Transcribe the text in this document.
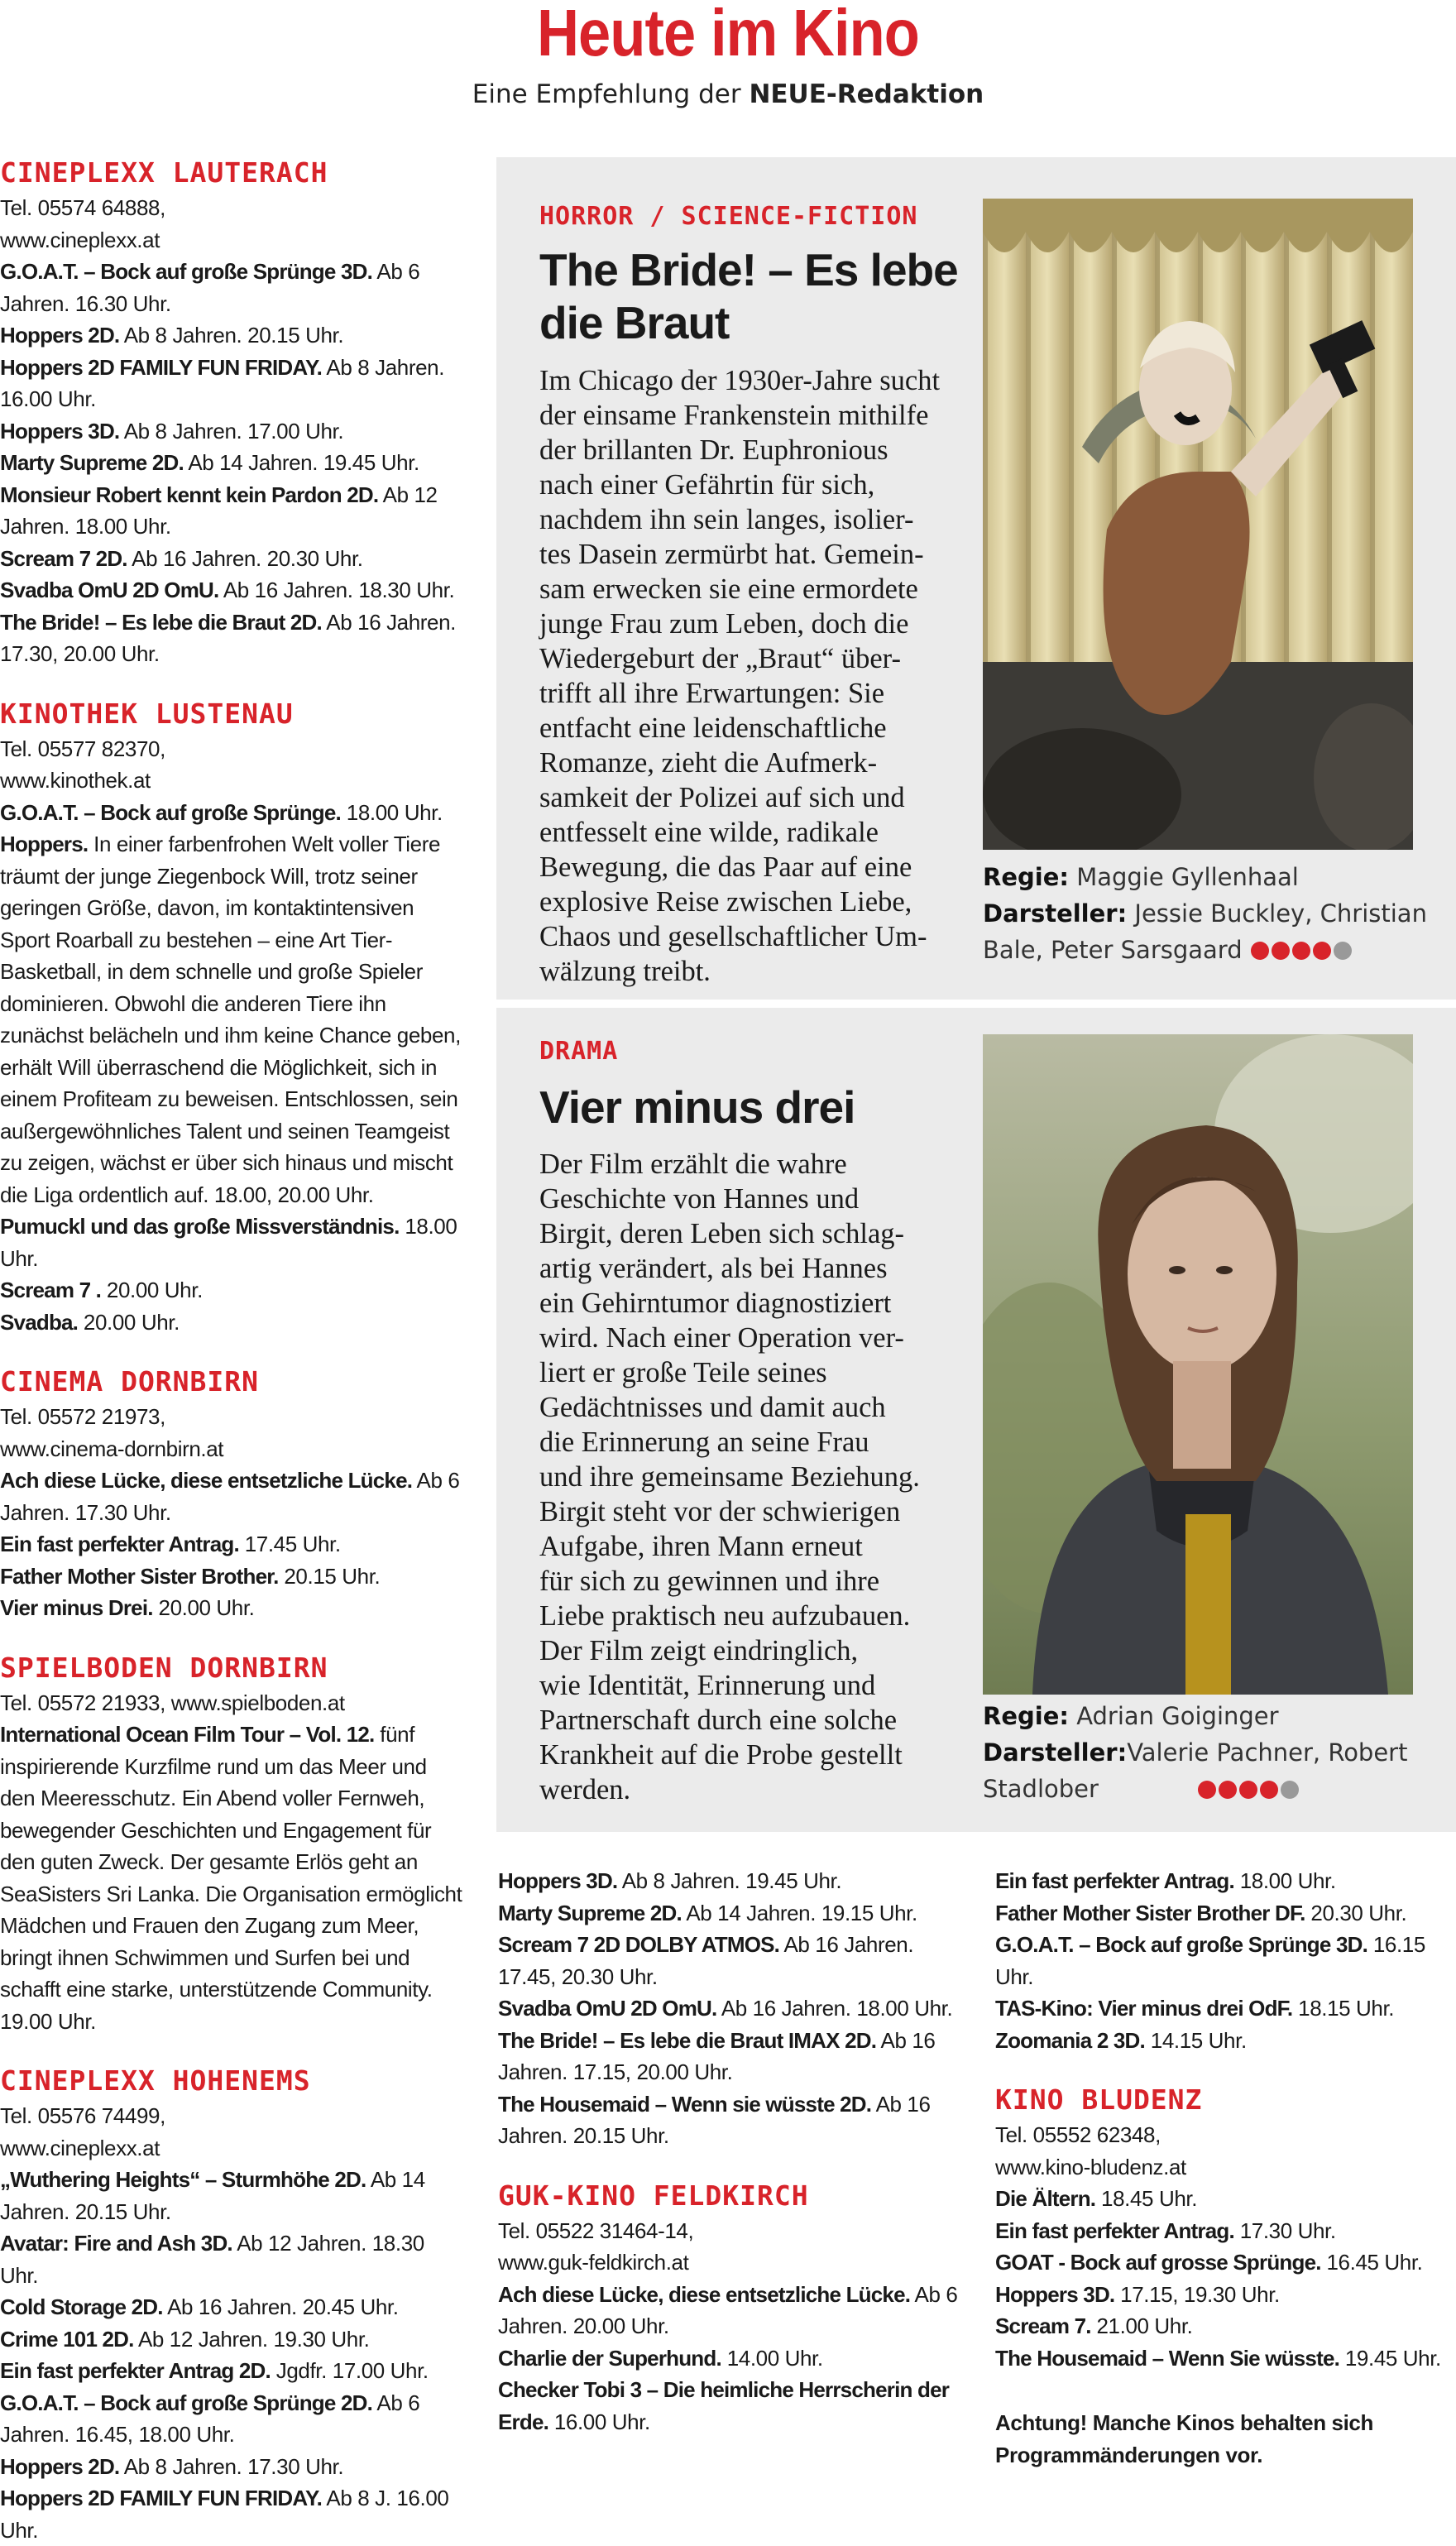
Heute im Kino
Eine Empfehlung der NEUE-Redaktion

CINEPLEXX LAUTERACH

Tel. 05574 64888,

www.cineplexx.at

G.O.A.T. – Bock auf große Sprünge 3D. Ab 6 Jahren. 16.30 Uhr.

Hoppers 2D. Ab 8 Jahren. 20.15 Uhr.

Hoppers 2D FAMILY FUN FRIDAY. Ab 8 Jahren. 16.00 Uhr.

Hoppers 3D. Ab 8 Jahren. 17.00 Uhr.

Marty Supreme 2D. Ab 14 Jahren. 19.45 Uhr.

Monsieur Robert kennt kein Pardon 2D. Ab 12 Jahren. 18.00 Uhr.

Scream 7 2D. Ab 16 Jahren. 20.30 Uhr.

Svadba OmU 2D OmU. Ab 16 Jahren. 18.30 Uhr.

The Bride! – Es lebe die Braut 2D. Ab 16 Jahren. 17.30, 20.00 Uhr.

KINOTHEK LUSTENAU

Tel. 05577 82370,

www.kinothek.at

G.O.A.T. – Bock auf große Sprünge. 18.00 Uhr.

Hoppers. In einer farbenfrohen Welt voller Tiere träumt der junge Ziegenbock Will, trotz seiner geringen Größe, davon, im kontaktintensiven Sport Roarball zu bestehen – eine Art Tier-Basketball, in dem schnelle und große Spieler dominieren. Obwohl die anderen Tiere ihn zunächst belächeln und ihm keine Chance geben, erhält Will überraschend die Möglichkeit, sich in einem Profiteam zu beweisen. Entschlossen, sein außergewöhnliches Talent und seinen Teamgeist zu zeigen, wächst er über sich hinaus und mischt die Liga ordentlich auf. 18.00, 20.00 Uhr.

Pumuckl und das große Missverständnis. 18.00 Uhr.

Scream 7 . 20.00 Uhr.

Svadba. 20.00 Uhr.

CINEMA DORNBIRN

Tel. 05572 21973,

www.cinema-dornbirn.at

Ach diese Lücke, diese entsetzliche Lücke. Ab 6 Jahren. 17.30 Uhr.

Ein fast perfekter Antrag. 17.45 Uhr.

Father Mother Sister Brother. 20.15 Uhr.

Vier minus Drei. 20.00 Uhr.

SPIELBODEN DORNBIRN

Tel. 05572 21933, www.spielboden.at

International Ocean Film Tour – Vol. 12. fünf inspirierende Kurzfilme rund um das Meer und den Meeresschutz. Ein Abend voller Fernweh, bewegender Geschichten und Engagement für den guten Zweck. Der gesamte Erlös geht an SeaSisters Sri Lanka. Die Organisation ermöglicht Mädchen und Frauen den Zugang zum Meer, bringt ihnen Schwimmen und Surfen bei und schafft eine starke, unterstützende Community. 19.00 Uhr.

CINEPLEXX HOHENEMS

Tel. 05576 74499,

www.cineplexx.at

„Wuthering Heights“ – Sturmhöhe 2D. Ab 14 Jahren. 20.15 Uhr.

Avatar: Fire and Ash 3D. Ab 12 Jahren. 18.30 Uhr.

Cold Storage 2D. Ab 16 Jahren. 20.45 Uhr.

Crime 101 2D. Ab 12 Jahren. 19.30 Uhr.

Ein fast perfekter Antrag 2D. Jgdfr. 17.00 Uhr.

G.O.A.T. – Bock auf große Sprünge 2D. Ab 6 Jahren. 16.45, 18.00 Uhr.

Hoppers 2D. Ab 8 Jahren. 17.30 Uhr.

Hoppers 2D FAMILY FUN FRIDAY. Ab 8 J. 16.00 Uhr.

HORROR / SCIENCE-FICTION
The Bride! – Es lebe die Braut

Im Chicago der 1930er-Jahre sucht

der einsame Frankenstein mithilfe

der brillanten Dr. Euphronious

nach einer Gefährtin für sich,

nachdem ihn sein langes, isolier-

tes Dasein zermürbt hat. Gemein-

sam erwecken sie eine ermordete

junge Frau zum Leben, doch die

Wiedergeburt der „Braut“ über-

trifft all ihre Erwartungen: Sie

entfacht eine leidenschaftliche

Romanze, zieht die Aufmerk-

samkeit der Polizei auf sich und

entfesselt eine wilde, radikale

Bewegung, die das Paar auf eine

explosive Reise zwischen Liebe,

Chaos und gesellschaftlicher Um-

wälzung treibt.

Regie: Maggie Gyllenhaal
Darsteller: Jessie Buckley, Christian
Bale, Peter Sarsgaard
DRAMA
Vier minus drei

Der Film erzählt die wahre

Geschichte von Hannes und

Birgit, deren Leben sich schlag-

artig verändert, als bei Hannes

ein Gehirntumor diagnostiziert

wird. Nach einer Operation ver-

liert er große Teile seines

Gedächtnisses und damit auch

die Erinnerung an seine Frau

und ihre gemeinsame Beziehung.

Birgit steht vor der schwierigen

Aufgabe, ihren Mann erneut

für sich zu gewinnen und ihre

Liebe praktisch neu aufzubauen.

Der Film zeigt eindringlich,

wie Identität, Erinnerung und

Partnerschaft durch eine solche

Krankheit auf die Probe gestellt

werden.

Regie: Adrian Goiginger
Darsteller:Valerie Pachner, Robert
Stadlober

Hoppers 3D. Ab 8 Jahren. 19.45 Uhr.

Marty Supreme 2D. Ab 14 Jahren. 19.15 Uhr.

Scream 7 2D DOLBY ATMOS. Ab 16 Jahren. 17.45, 20.30 Uhr.

Svadba OmU 2D OmU. Ab 16 Jahren. 18.00 Uhr.

The Bride! – Es lebe die Braut IMAX 2D. Ab 16 Jahren. 17.15, 20.00 Uhr.

The Housemaid – Wenn sie wüsste 2D. Ab 16 Jahren. 20.15 Uhr.

GUK-KINO FELDKIRCH

Tel. 05522 31464-14,

www.guk-feldkirch.at

Ach diese Lücke, diese entsetzliche Lücke. Ab 6 Jahren. 20.00 Uhr.

Charlie der Superhund. 14.00 Uhr.

Checker Tobi 3 – Die heimliche Herrscherin der Erde. 16.00 Uhr.

Ein fast perfekter Antrag. 18.00 Uhr.

Father Mother Sister Brother DF. 20.30 Uhr.

G.O.A.T. – Bock auf große Sprünge 3D. 16.15 Uhr.

TAS-Kino: Vier minus drei OdF. 18.15 Uhr.

Zoomania 2 3D. 14.15 Uhr.

KINO BLUDENZ

Tel. 05552 62348,

www.kino-bludenz.at

Die Ältern. 18.45 Uhr.

Ein fast perfekter Antrag. 17.30 Uhr.

GOAT - Bock auf grosse Sprünge. 16.45 Uhr.

Hoppers 3D. 17.15, 19.30 Uhr.

Scream 7. 21.00 Uhr.

The Housemaid – Wenn Sie wüsste. 19.45 Uhr.

Achtung! Manche Kinos behalten sich Programmänderungen vor.
